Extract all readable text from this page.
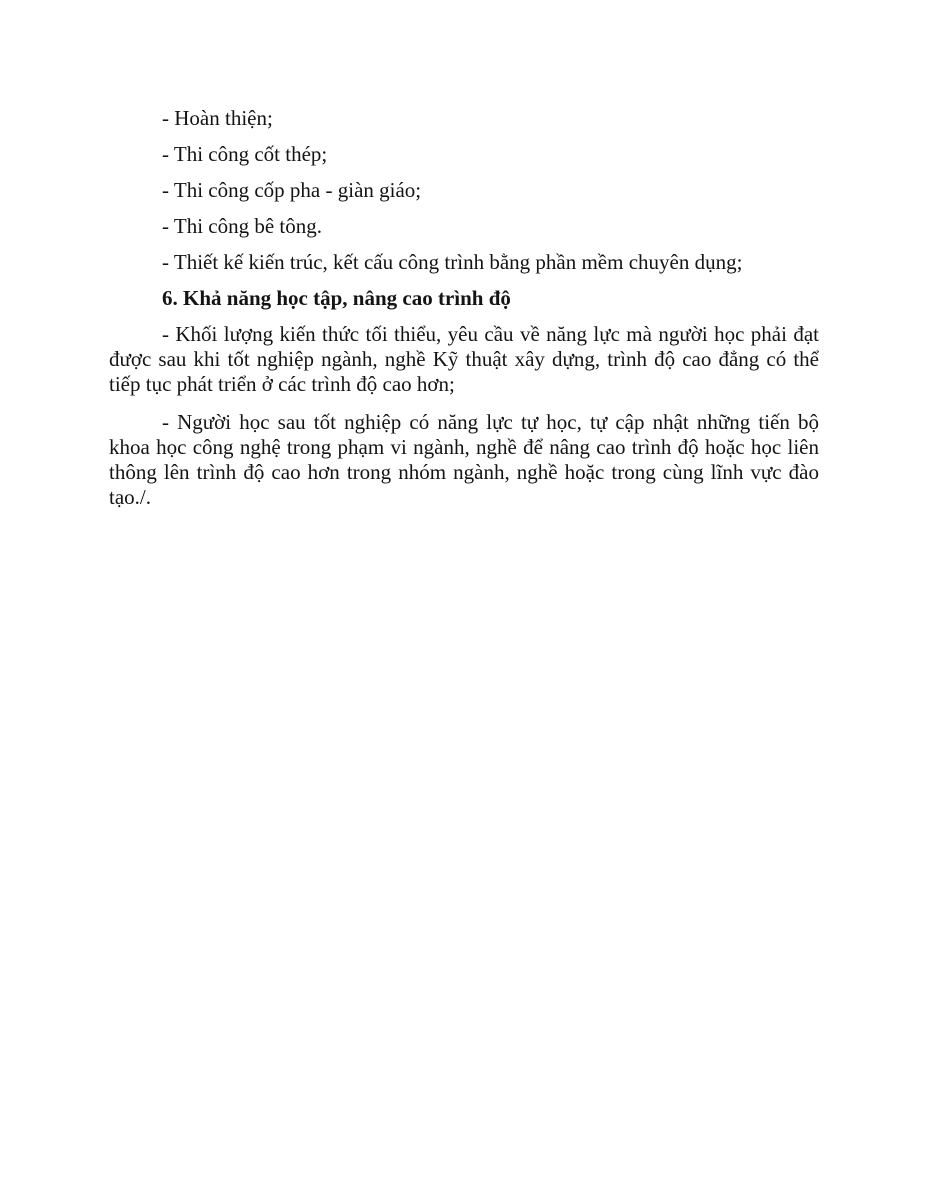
- Hoàn thiện;

- Thi công cốt thép;

- Thi công cốp pha - giàn giáo;

- Thi công bê tông.

- Thiết kế kiến trúc, kết cấu công trình bằng phần mềm chuyên dụng;

6. Khả năng học tập, nâng cao trình độ

- Khối lượng kiến thức tối thiểu, yêu cầu về năng lực mà người học phải đạt được sau khi tốt nghiệp ngành, nghề Kỹ thuật xây dựng, trình độ cao đẳng có thể tiếp tục phát triển ở các trình độ cao hơn;

- Người học sau tốt nghiệp có năng lực tự học, tự cập nhật những tiến bộ khoa học công nghệ trong phạm vi ngành, nghề để nâng cao trình độ hoặc học liên thông lên trình độ cao hơn trong nhóm ngành, nghề hoặc trong cùng lĩnh vực đào tạo./.
